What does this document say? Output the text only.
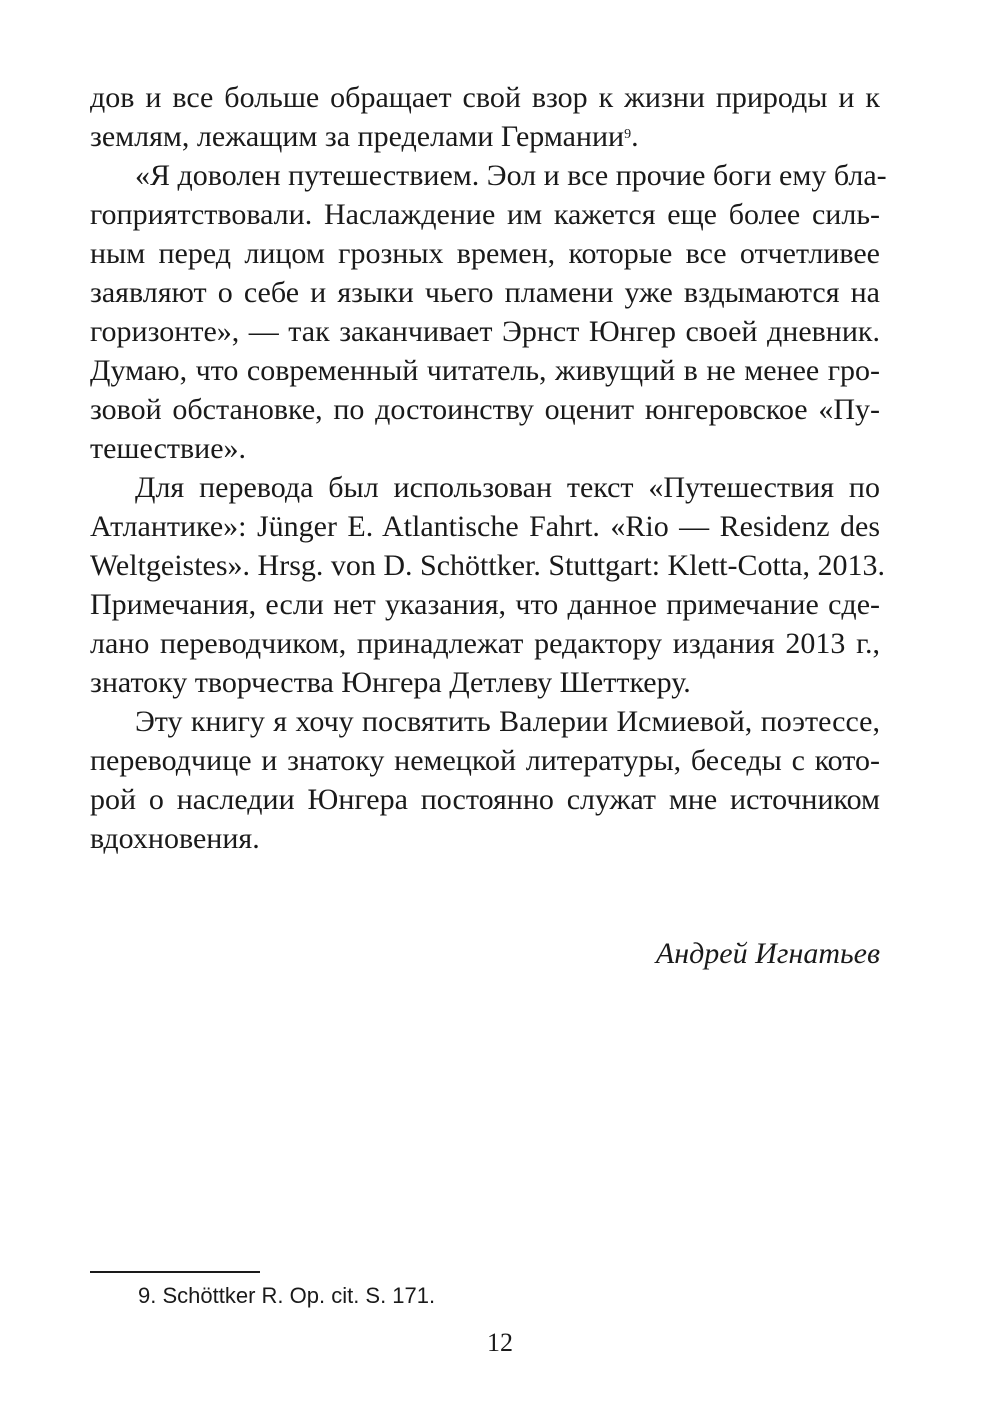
дов и все больше обращает свой взор к жизни природы и к
землям, лежащим за пределами Германии$^9$.

«Я доволен путешествием. Эол и все прочие боги ему бла-
гоприятствовали. Наслаждение им кажется еще более силь-
ным перед лицом грозных времен, которые все отчетливее
заявляют о себе и языки чьего пламени уже вздымаются на
горизонте», — так заканчивает Эрнст Юнгер своей дневник.
Думаю, что современный читатель, живущий в не менее гро-
зовой обстановке, по достоинству оценит юнгеровское «Пу-
тешествие».

Для перевода был использован текст «Путешествия по
Атлантике»: Jünger E. Atlantische Fahrt. «Rio — Residenz des
Weltgeistes». Hrsg. von D. Schöttker. Stuttgart: Klett-Cotta, 2013.
Примечания, если нет указания, что данное примечание сде-
лано переводчиком, принадлежат редактору издания 2013 г.,
знатоку творчества Юнгера Детлеву Шетткеру.

Эту книгу я хочу посвятить Валерии Исмиевой, поэтессе,
переводчице и знатоку немецкой литературы, беседы с кото-
рой о наследии Юнгера постоянно служат мне источником
вдохновения.

Андрей Игнатьев
9. Schöttker R. Op. cit. S. 171.
12
